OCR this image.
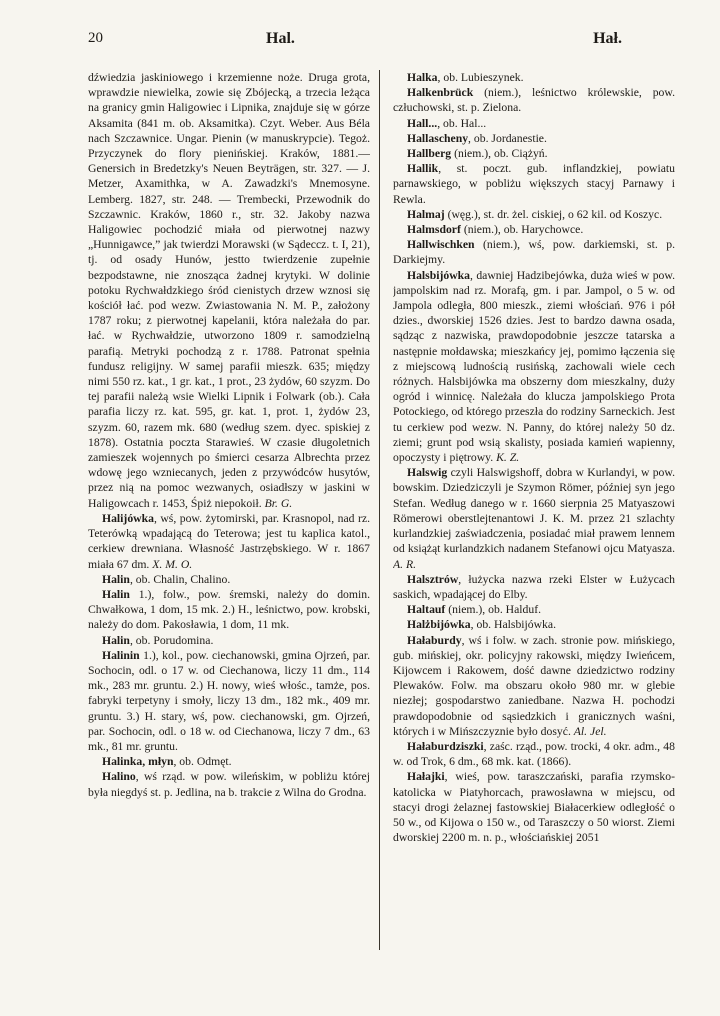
20	Hal.	Hał.

dźwiedzia jaskiniowego i krzemienne noże. Druga grota, wprawdzie niewielka, zowie się Zbójecką, a trzecia leżąca na granicy gmin Haligowiec i Lipnika, znajduje się w górze Aksamita (841 m. ob. Aksamitka). Czyt. Weber. Aus Béla nach Szczawnice. Ungar. Pienin (w manuskrypcie). Tegoż. Przyczynek do flory pienińskiej. Kraków, 1881.—Genersich in Bredetzky's Neuen Beyträgen, str. 327. — J. Metzer, Axamithka, w A. Zawadzki's Mnemosyne. Lemberg. 1827, str. 248. — Trembecki, Przewodnik do Szczawnic. Kraków, 1860 r., str. 32. Jakoby nazwa Haligowiec pochodzić miała od pierwotnej nazwy „Hunnigawce,” jak twierdzi Morawski (w Sądeccz. t. I, 21), tj. od osady Hunów, jestto twierdzenie zupełnie bezpodstawne, nie znosząca żadnej krytyki. W dolinie potoku Rychwałdzkiego śród cienistych drzew wznosi się kościół łać. pod wezw. Zwiastowania N. M. P., założony 1787 roku; z pierwotnej kapelanii, która należała do par. łać. w Rychwałdzie, utworzono 1809 r. samodzielną parafią. Metryki pochodzą z r. 1788. Patronat spełnia fundusz religijny. W samej parafii mieszk. 635; między nimi 550 rz. kat., 1 gr. kat., 1 prot., 23 żydów, 60 szyzm. Do tej parafii należą wsie Wielki Lipnik i Folwark (ob.). Cała parafia liczy rz. kat. 595, gr. kat. 1, prot. 1, żydów 23, szyzm. 60, razem mk. 680 (według szem. dyec. spiskiej z 1878). Ostatnia poczta Starawieś. W czasie długoletnich zamieszek wojennych po śmierci cesarza Albrechta przez wdowę jego wzniecanych, jeden z przywódców husytów, przez nią na pomoc wezwanych, osiadłszy w jaskini w Haligowcach r. 1453, Śpiż niepokoił. Br. G.

Halijówka, wś, pow. żytomirski, par. Krasnopol, nad rz. Teterówką wpadającą do Teterowa; jest tu kaplica katol., cerkiew drewniana. Własność Jastrzębskiego. W r. 1867 miała 67 dm. X. M. O.

Halin, ob. Chalin, Chalino.

Halin 1.), folw., pow. śremski, należy do domin. Chwałkowa, 1 dom, 15 mk. 2.) H., leśnictwo, pow. krobski, należy do dom. Pakosławia, 1 dom, 11 mk.

Halin, ob. Porudomina.

Halinin 1.), kol., pow. ciechanowski, gmina Ojrzeń, par. Sochocin, odl. o 17 w. od Ciechanowa, liczy 11 dm., 114 mk., 283 mr. gruntu. 2.) H. nowy, wieś włośc., tamże, pos. fabryki terpetyny i smoły, liczy 13 dm., 182 mk., 409 mr. gruntu. 3.) H. stary, wś, pow. ciechanowski, gm. Ojrzeń, par. Sochocin, odl. o 18 w. od Ciechanowa, liczy 7 dm., 63 mk., 81 mr. gruntu.

Halinka, młyn, ob. Odmęt.

Halino, wś rząd. w pow. wileńskim, w pobliżu której była niegdyś st. p. Jedlina, na b. trakcie z Wilna do Grodna.

Halka, ob. Lubieszynek.

Halkenbrück (niem.), leśnictwo królewskie, pow. człuchowski, st. p. Zielona.

Hall..., ob. Hal...

Hallascheny, ob. Jordanestie.

Hallberg (niem.), ob. Ciążyń.

Hallik, st. poczt. gub. inflandzkiej, powiatu parnawskiego, w pobliżu większych stacyj Parnawy i Rewla.

Halmaj (węg.), st. dr. żel. ciskiej, o 62 kil. od Koszyc.

Halmsdorf (niem.), ob. Harychowce.

Hallwischken (niem.), wś, pow. darkiemski, st. p. Darkiejmy.

Halsbijówka, dawniej Hadzibejówka, duża wieś w pow. jampolskim nad rz. Morafą, gm. i par. Jampol, o 5 w. od Jampola odległa, 800 mieszk., ziemi włościań. 976 i pół dzies., dworskiej 1526 dzies. Jest to bardzo dawna osada, sądząc z nazwiska, prawdopodobnie jeszcze tatarska a następnie mołdawska; mieszkańcy jej, pomimo łączenia się z miejscową ludnością rusińską, zachowali wiele cech różnych. Halsbijówka ma obszerny dom mieszkalny, duży ogród i winnicę. Należała do klucza jampolskiego Prota Potockiego, od którego przeszła do rodziny Sarneckich. Jest tu cerkiew pod wezw. N. Panny, do której należy 50 dz. ziemi; grunt pod wsią skalisty, posiada kamień wapienny, opoczysty i piętrowy. K. Z.

Halswig czyli Halswigshoff, dobra w Kurlandyi, w pow. bowskim. Dziedziczyli je Szymon Römer, później syn jego Stefan. Według danego w r. 1660 sierpnia 25 Matyaszowi Römerowi oberstlejtenantowi J. K. M. przez 21 szlachty kurlandzkiej zaświadczenia, posiadać miał prawem lennem od książąt kurlandzkich nadanem Stefanowi ojcu Matyasza. A. R.

Halsztrów, łużycka nazwa rzeki Elster w Łużycach saskich, wpadającej do Elby.

Haltauf (niem.), ob. Halduf.

Halżbijówka, ob. Halsbijówka.

Hałaburdy, wś i folw. w zach. stronie pow. mińskiego, gub. mińskiej, okr. policyjny rakowski, między Iwieńcem, Kijowcem i Rakowem, dość dawne dziedzictwo rodziny Plewaków. Folw. ma obszaru około 980 mr. w glebie niezłej; gospodarstwo zaniedbane. Nazwa H. pochodzi prawdopodobnie od sąsiedzkich i granicznych waśni, których i w Mińszczyznie było dosyć. Al. Jel.

Hałaburdziszki, zaśc. rząd., pow. trocki, 4 okr. adm., 48 w. od Trok, 6 dm., 68 mk. kat. (1866).

Hałajki, wieś, pow. taraszczański, parafia rzymsko-katolicka w Piatyhorcach, prawosławna w miejscu, od stacyi drogi żelaznej fastowskiej Białacerkiew odległość o 50 w., od Kijowa o 150 w., od Taraszczy o 50 wiorst. Ziemi dworskiej 2200 m. n. p., włościańskiej 2051
